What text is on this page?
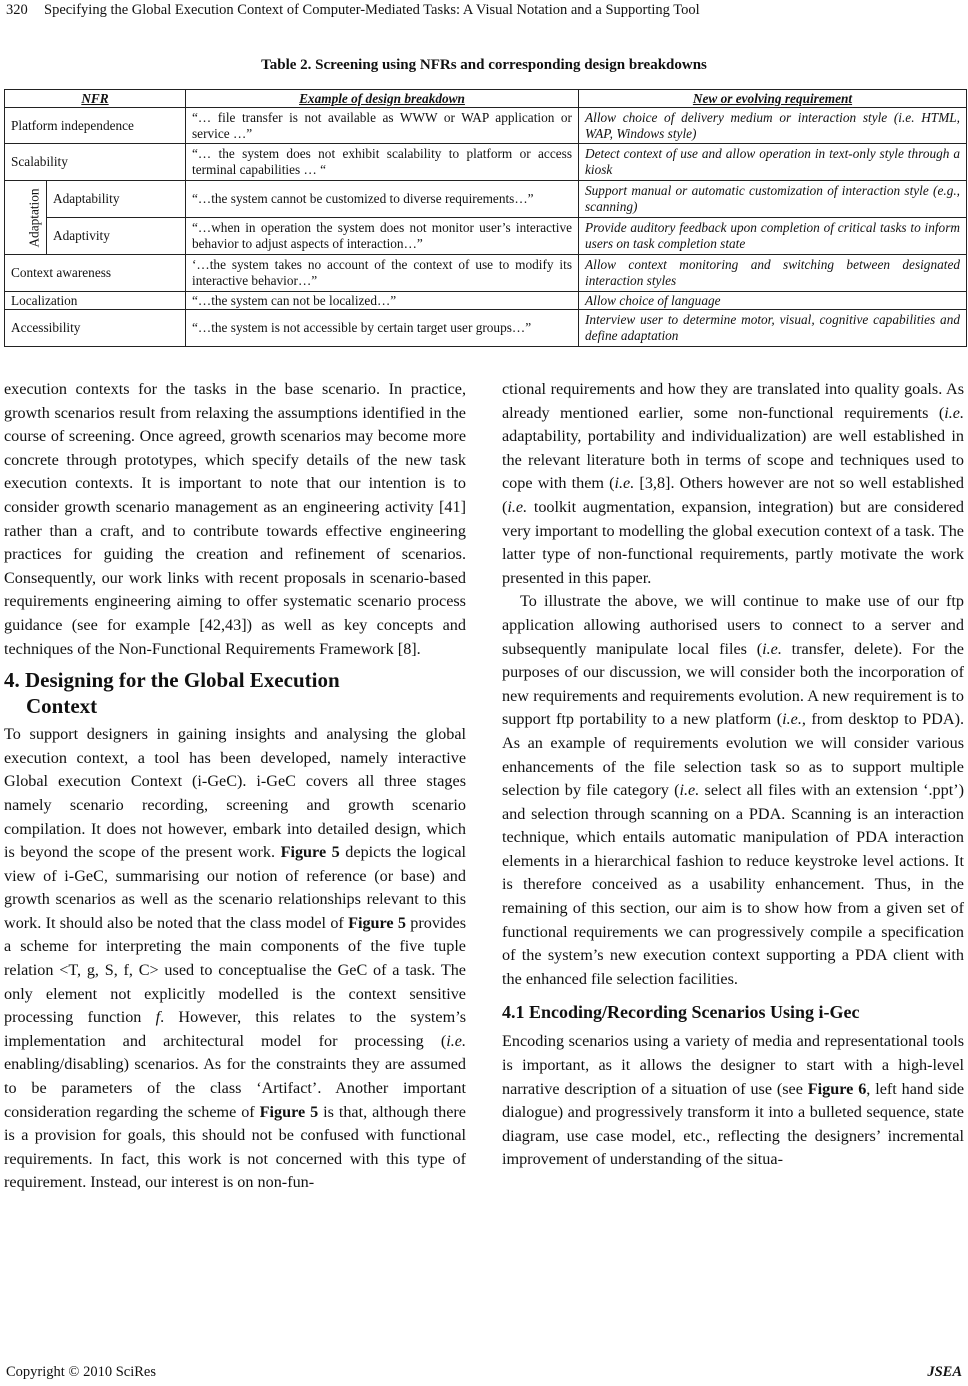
320 Specifying the Global Execution Context of Computer-Mediated Tasks: A Visual Notation and a Supporting Tool
Table 2. Screening using NFRs and corresponding design breakdowns
NFR		Example of design breakdown	New or evolving requirement
Platform independence		“… file transfer is not available as WWW or WAP application or service …”	Allow choice of delivery medium or interaction style (i.e. HTML, WAP, Windows style)
Scalability		“… the system does not exhibit scalability to platform or access terminal capabilities … “	Detect context of use and allow operation in text-only style through a kiosk
Adaptation	Adaptability	“…the system cannot be customized to diverse requirements…”	Support manual or automatic customization of interaction style (e.g., scanning)
	Adaptivity	“…when in operation the system does not monitor user’s interactive behavior to adjust aspects of interaction…”	Provide auditory feedback upon completion of critical tasks to inform users on task completion state
Context awareness		‘…the system takes no account of the context of use to modify its interactive behavior…”	Allow context monitoring and switching between designated interaction styles
Localization		“…the system can not be localized…”	Allow choice of language
Accessibility		“…the system is not accessible by certain target user groups…”	Interview user to determine motor, visual, cognitive capabilities and define adaptation

execution contexts for the tasks in the base scenario. In practice, growth scenarios result from relaxing the assumptions identified in the course of screening. Once agreed, growth scenarios may become more concrete through prototypes, which specify details of the new task execution contexts. It is important to note that our intention is to consider growth scenario management as an engineering activity [41] rather than a craft, and to contribute towards effective engineering practices for guiding the creation and refinement of scenarios. Consequently, our work links with recent proposals in scenario-based requirements engineering aiming to offer systematic scenario process guidance (see for example [42,43]) as well as key concepts and techniques of the Non-Functional Requirements Framework [8].

4. Designing for the Global Execution
Context

To support designers in gaining insights and analysing the global execution context, a tool has been developed, namely interactive Global execution Context (i-GeC). i-GeC covers all three stages namely scenario recording, screening and growth scenario compilation. It does not however, embark into detailed design, which is beyond the scope of the present work. Figure 5 depicts the logical view of i-GeC, summarising our notion of reference (or base) and growth scenarios as well as the scenario relationships relevant to this work. It should also be noted that the class model of Figure 5 provides a scheme for interpreting the main components of the five tuple relation <T, g, S, f, C> used to conceptualise the GeC of a task. The only element not explicitly modelled is the context sensitive processing function f. However, this relates to the system’s implementation and architectural model for processing (i.e. enabling/disabling) scenarios. As for the constraints they are assumed to be parameters of the class ‘Artifact’. Another important consideration regarding the scheme of Figure 5 is that, although there is a provision for goals, this should not be confused with functional requirements. In fact, this work is not concerned with this type of requirement. Instead, our interest is on non-fun-

ctional requirements and how they are translated into quality goals. As already mentioned earlier, some non-functional requirements (i.e. adaptability, portability and individualization) are well established in the relevant literature both in terms of scope and techniques used to cope with them (i.e. [3,8]. Others however are not so well established (i.e. toolkit augmentation, expansion, integration) but are considered very important to modelling the global execution context of a task. The latter type of non-functional requirements, partly motivate the work presented in this paper.

To illustrate the above, we will continue to make use of our ftp application allowing authorised users to connect to a server and subsequently manipulate local files (i.e. transfer, delete). For the purposes of our discussion, we will consider both the incorporation of new requirements and requirements evolution. A new requirement is to support ftp portability to a new platform (i.e., from desktop to PDA). As an example of requirements evolution we will consider various enhancements of the file selection task so as to support multiple selection by file category (i.e. select all files with an extension ‘.ppt’) and selection through scanning on a PDA. Scanning is an interaction technique, which entails automatic manipulation of PDA interaction elements in a hierarchical fashion to reduce keystroke level actions. It is therefore conceived as a usability enhancement. Thus, in the remaining of this section, our aim is to show how from a given set of functional requirements we can progressively compile a specification of the system’s new execution context supporting a PDA client with the enhanced file selection facilities.

4.1 Encoding/Recording Scenarios Using i-Gec

Encoding scenarios using a variety of media and representational tools is important, as it allows the designer to start with a high-level narrative description of a situation of use (see Figure 6, left hand side dialogue) and progressively transform it into a bulleted sequence, state diagram, use case model, etc., reflecting the designers’ incremental improvement of understanding of the situa-

Copyright © 2010 SciRes	JSEA
